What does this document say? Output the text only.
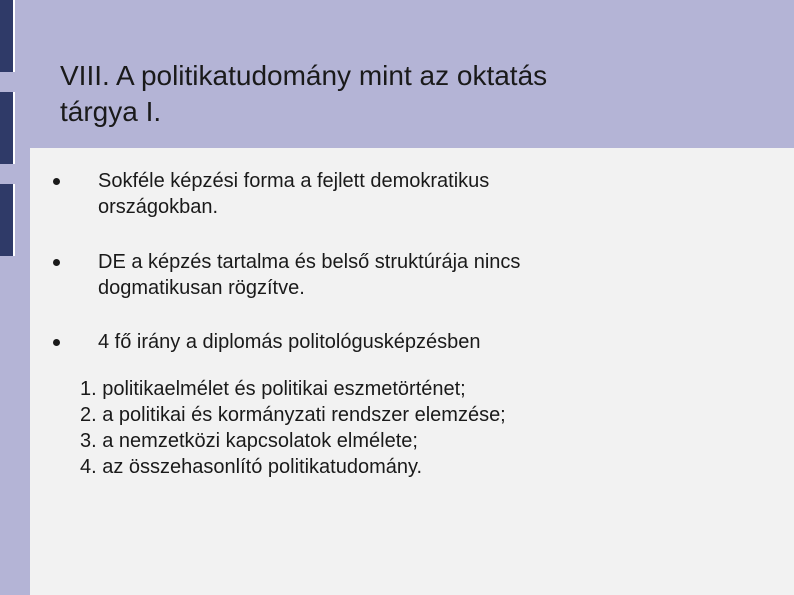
VIII. A politikatudomány mint az oktatás
tárgya I.
Sokféle képzési forma a fejlett demokratikus
országokban.
DE a képzés tartalma és belső struktúrája nincs
dogmatikusan rögzítve.
4 fő irány a diplomás politológusképzésben
1. politikaelmélet és politikai eszmetörténet;
2. a politikai és kormányzati rendszer elemzése;
3. a nemzetközi kapcsolatok elmélete;
4. az összehasonlító politikatudomány.
